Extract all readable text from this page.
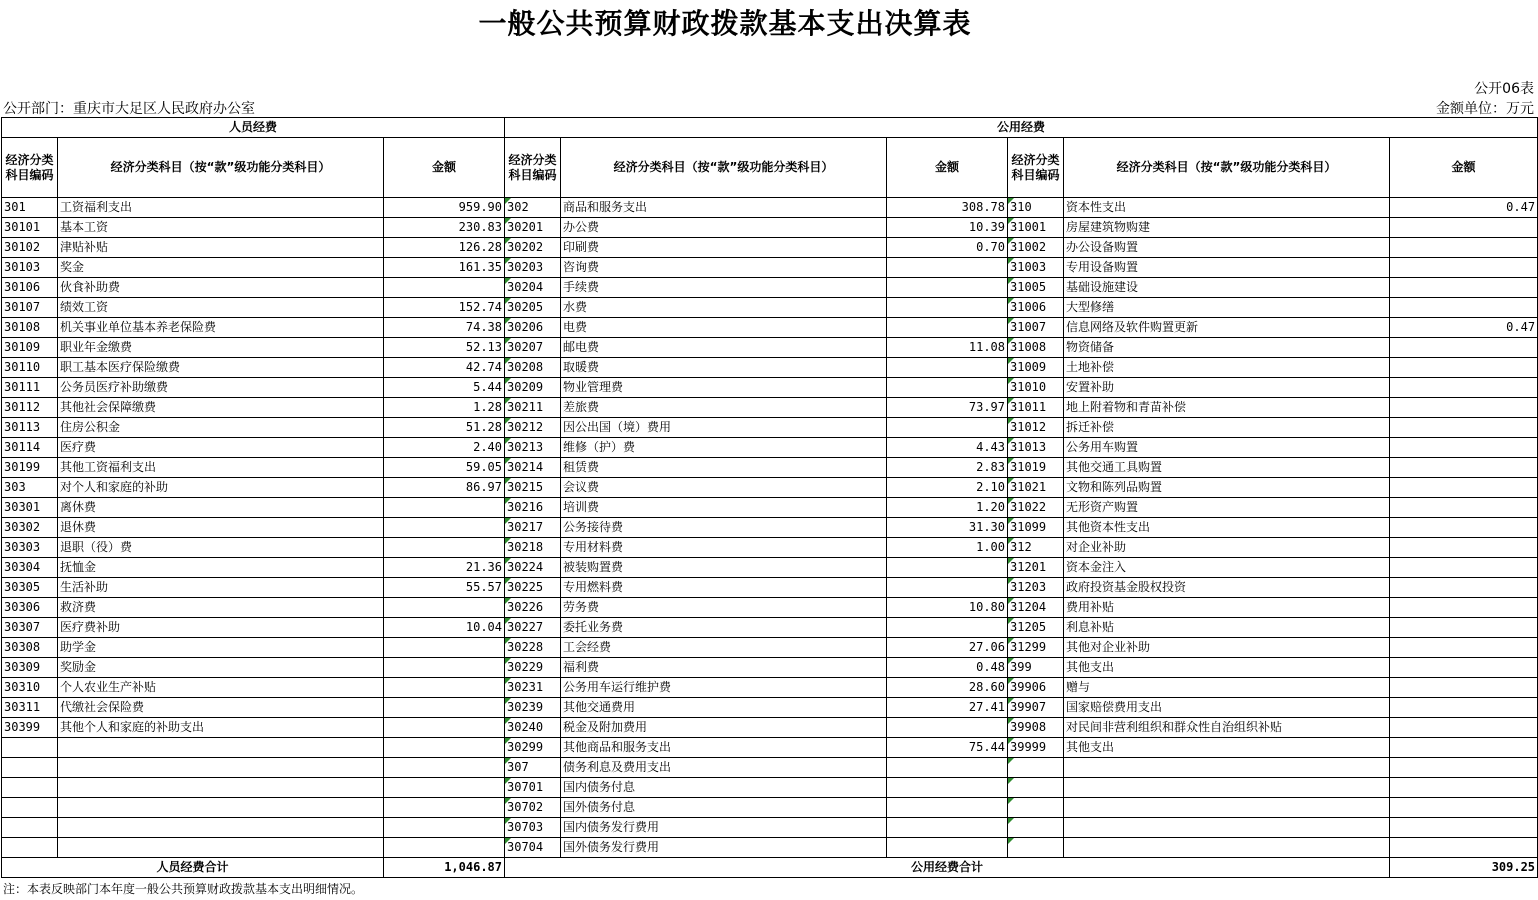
一般公共预算财政拨款基本支出决算表
公开06表
公开部门：重庆市大足区人民政府办公室	金额单位：万元
人员经费			公用经费					
经济分类科目编码	经济分类科目（按“款”级功能分类科目）	金额	经济分类科目编码	经济分类科目（按“款”级功能分类科目）	金额	经济分类科目编码	经济分类科目（按“款”级功能分类科目）	金额
301	工资福利支出	959.90	302	商品和服务支出	308.78	310	资本性支出	0.47
30101	基本工资	230.83	30201	办公费	10.39	31001	房屋建筑物购建	
30102	津贴补贴	126.28	30202	印刷费	0.70	31002	办公设备购置	
30103	奖金	161.35	30203	咨询费		31003	专用设备购置	
30106	伙食补助费		30204	手续费		31005	基础设施建设	
30107	绩效工资	152.74	30205	水费		31006	大型修缮	
30108	机关事业单位基本养老保险费	74.38	30206	电费		31007	信息网络及软件购置更新	0.47
30109	职业年金缴费	52.13	30207	邮电费	11.08	31008	物资储备	
30110	职工基本医疗保险缴费	42.74	30208	取暖费		31009	土地补偿	
30111	公务员医疗补助缴费	5.44	30209	物业管理费		31010	安置补助	
30112	其他社会保障缴费	1.28	30211	差旅费	73.97	31011	地上附着物和青苗补偿	
30113	住房公积金	51.28	30212	因公出国（境）费用		31012	拆迁补偿	
30114	医疗费	2.40	30213	维修（护）费	4.43	31013	公务用车购置	
30199	其他工资福利支出	59.05	30214	租赁费	2.83	31019	其他交通工具购置	
303	对个人和家庭的补助	86.97	30215	会议费	2.10	31021	文物和陈列品购置	
30301	离休费		30216	培训费	1.20	31022	无形资产购置	
30302	退休费		30217	公务接待费	31.30	31099	其他资本性支出	
30303	退职（役）费		30218	专用材料费	1.00	312	对企业补助	
30304	抚恤金	21.36	30224	被装购置费		31201	资本金注入	
30305	生活补助	55.57	30225	专用燃料费		31203	政府投资基金股权投资	
30306	救济费		30226	劳务费	10.80	31204	费用补贴	
30307	医疗费补助	10.04	30227	委托业务费		31205	利息补贴	
30308	助学金		30228	工会经费	27.06	31299	其他对企业补助	
30309	奖励金		30229	福利费	0.48	399	其他支出	
30310	个人农业生产补贴		30231	公务用车运行维护费	28.60	39906	赠与	
30311	代缴社会保险费		30239	其他交通费用	27.41	39907	国家赔偿费用支出	
30399	其他个人和家庭的补助支出		30240	税金及附加费用		39908	对民间非营利组织和群众性自治组织补贴	
			30299	其他商品和服务支出	75.44	39999	其他支出	
			307	债务利息及费用支出				
			30701	国内债务付息				
			30702	国外债务付息				
			30703	国内债务发行费用				
			30704	国外债务发行费用				
人员经费合计		1,046.87	公用经费合计					309.25
注：本表反映部门本年度一般公共预算财政拨款基本支出明细情况。
